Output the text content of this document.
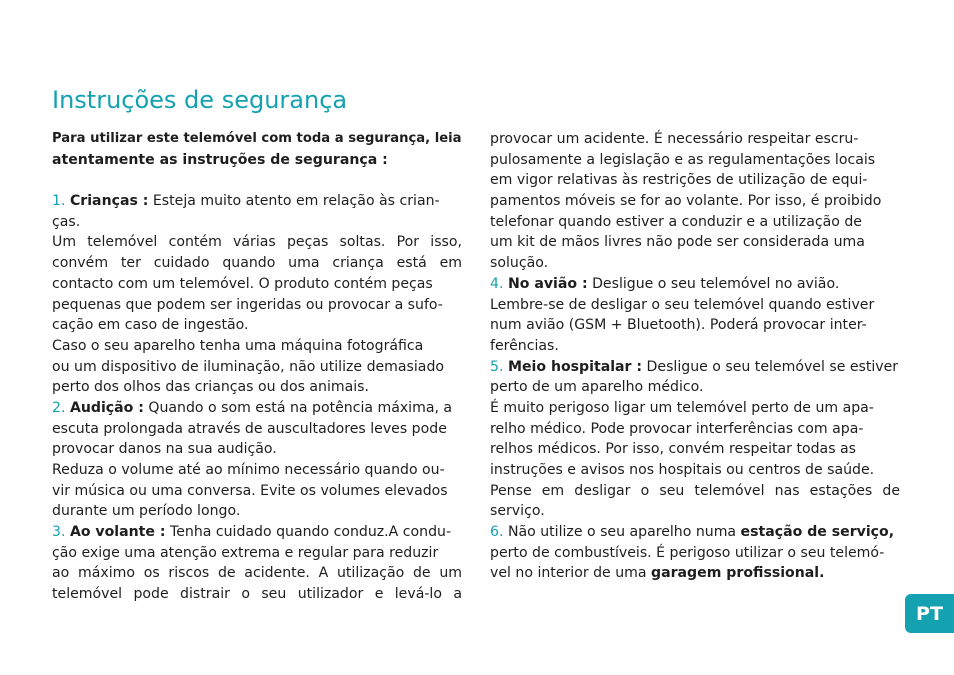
Instruções de segurança
Para utilizar este telemóvel com toda a segurança, leia
atentamente as instruções de segurança :
1. Crianças : Esteja muito atento em relação às crian-
ças.
Um telemóvel contém várias peças soltas. Por isso,
convém ter cuidado quando uma criança está em
contacto com um telemóvel. O produto contém peças
pequenas que podem ser ingeridas ou provocar a sufo-
cação em caso de ingestão.
Caso o seu aparelho tenha uma máquina fotográfica
ou um dispositivo de iluminação, não utilize demasiado
perto dos olhos das crianças ou dos animais.
2. Audição : Quando o som está na potência máxima, a
escuta prolongada através de auscultadores leves pode
provocar danos na sua audição.
Reduza o volume até ao mínimo necessário quando ou-
vir música ou uma conversa. Evite os volumes elevados
durante um período longo.
3. Ao volante : Tenha cuidado quando conduz.A condu-
ção exige uma atenção extrema e regular para reduzir
ao máximo os riscos de acidente. A utilização de um
telemóvel pode distrair o seu utilizador e levá-lo a
provocar um acidente. É necessário respeitar escru-
pulosamente a legislação e as regulamentações locais
em vigor relativas às restrições de utilização de equi-
pamentos móveis se for ao volante. Por isso, é proibido
telefonar quando estiver a conduzir e a utilização de
um kit de mãos livres não pode ser considerada uma
solução.
4. No avião : Desligue o seu telemóvel no avião.
Lembre-se de desligar o seu telemóvel quando estiver
num avião (GSM + Bluetooth). Poderá provocar inter-
ferências.
5. Meio hospitalar : Desligue o seu telemóvel se estiver
perto de um aparelho médico.
É muito perigoso ligar um telemóvel perto de um apa-
relho médico. Pode provocar interferências com apa-
relhos médicos. Por isso, convém respeitar todas as
instruções e avisos nos hospitais ou centros de saúde.
Pense em desligar o seu telemóvel nas estações de
serviço.
6. Não utilize o seu aparelho numa estação de serviço,
perto de combustíveis. É perigoso utilizar o seu telemó-
vel no interior de uma garagem profissional.
PT
